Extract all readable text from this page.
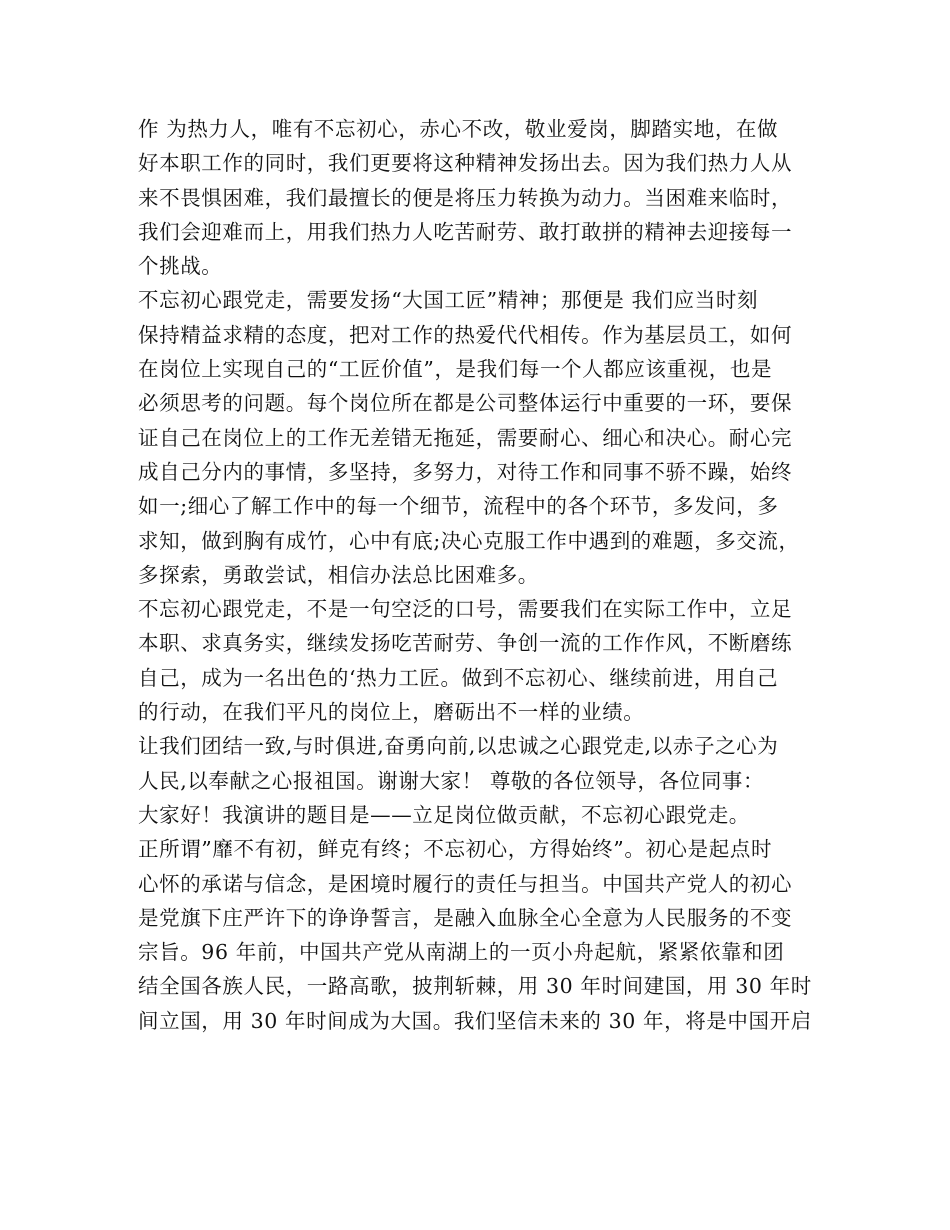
作 为热力人，唯有不忘初心，赤心不改，敬业爱岗，脚踏实地，在做
好本职工作的同时，我们更要将这种精神发扬出去。因为我们热力人从
来不畏惧困难，我们最擅长的便是将压力转换为动力。当困难来临时，
我们会迎难而上，用我们热力人吃苦耐劳、敢打敢拼的精神去迎接每一
个挑战。
不忘初心跟党走，需要发扬“大国工匠”精神；那便是 我们应当时刻
保持精益求精的态度，把对工作的热爱代代相传。作为基层员工，如何
在岗位上实现自己的“工匠价值”，是我们每一个人都应该重视，也是
必须思考的问题。每个岗位所在都是公司整体运行中重要的一环，要保
证自己在岗位上的工作无差错无拖延，需要耐心、细心和决心。耐心完
成自己分内的事情，多坚持，多努力，对待工作和同事不骄不躁，始终
如一;细心了解工作中的每一个细节，流程中的各个环节，多发问，多
求知，做到胸有成竹，心中有底;决心克服工作中遇到的难题，多交流，
多探索，勇敢尝试，相信办法总比困难多。
不忘初心跟党走，不是一句空泛的口号，需要我们在实际工作中，立足
本职、求真务实，继续发扬吃苦耐劳、争创一流的工作作风，不断磨练
自己，成为一名出色的‘热力工匠。做到不忘初心、继续前进，用自己
的行动，在我们平凡的岗位上，磨砺出不一样的业绩。
让我们团结一致,与时俱进,奋勇向前,以忠诚之心跟党走,以赤子之心为
人民,以奉献之心报祖国。谢谢大家！ 尊敬的各位领导，各位同事：
大家好！我演讲的题目是——立足岗位做贡献，不忘初心跟党走。
正所谓”靡不有初，鲜克有终；不忘初心，方得始终”。初心是起点时
心怀的承诺与信念，是困境时履行的责任与担当。中国共产党人的初心
是党旗下庄严许下的诤诤誓言，是融入血脉全心全意为人民服务的不变
宗旨。96 年前，中国共产党从南湖上的一页小舟起航，紧紧依靠和团
结全国各族人民，一路高歌，披荆斩棘，用 30 年时间建国，用 30 年时
间立国，用 30 年时间成为大国。我们坚信未来的 30 年，将是中国开启
